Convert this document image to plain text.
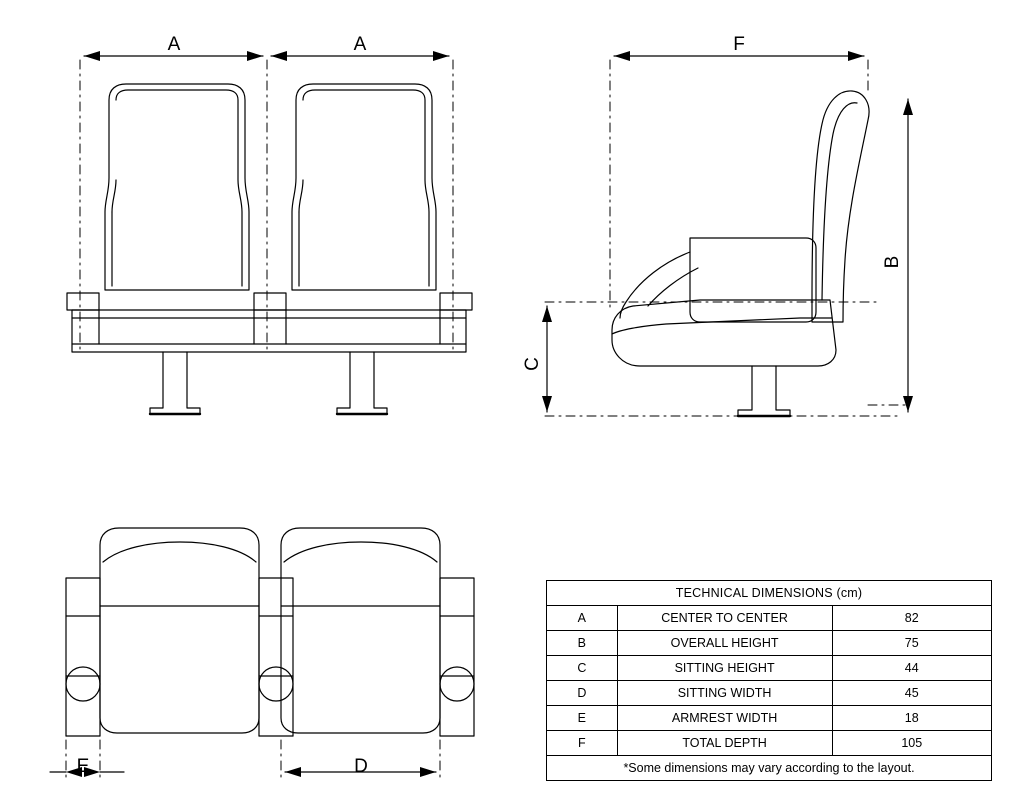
A	A	F
B
C
E	D
TECHNICAL DIMENSIONS (cm)		
A	CENTER TO CENTER	82
B	OVERALL HEIGHT	75
C	SITTING HEIGHT	44
D	SITTING WIDTH	45
E	ARMREST WIDTH	18
F	TOTAL DEPTH	105
*Some dimensions may vary according to the layout.		
